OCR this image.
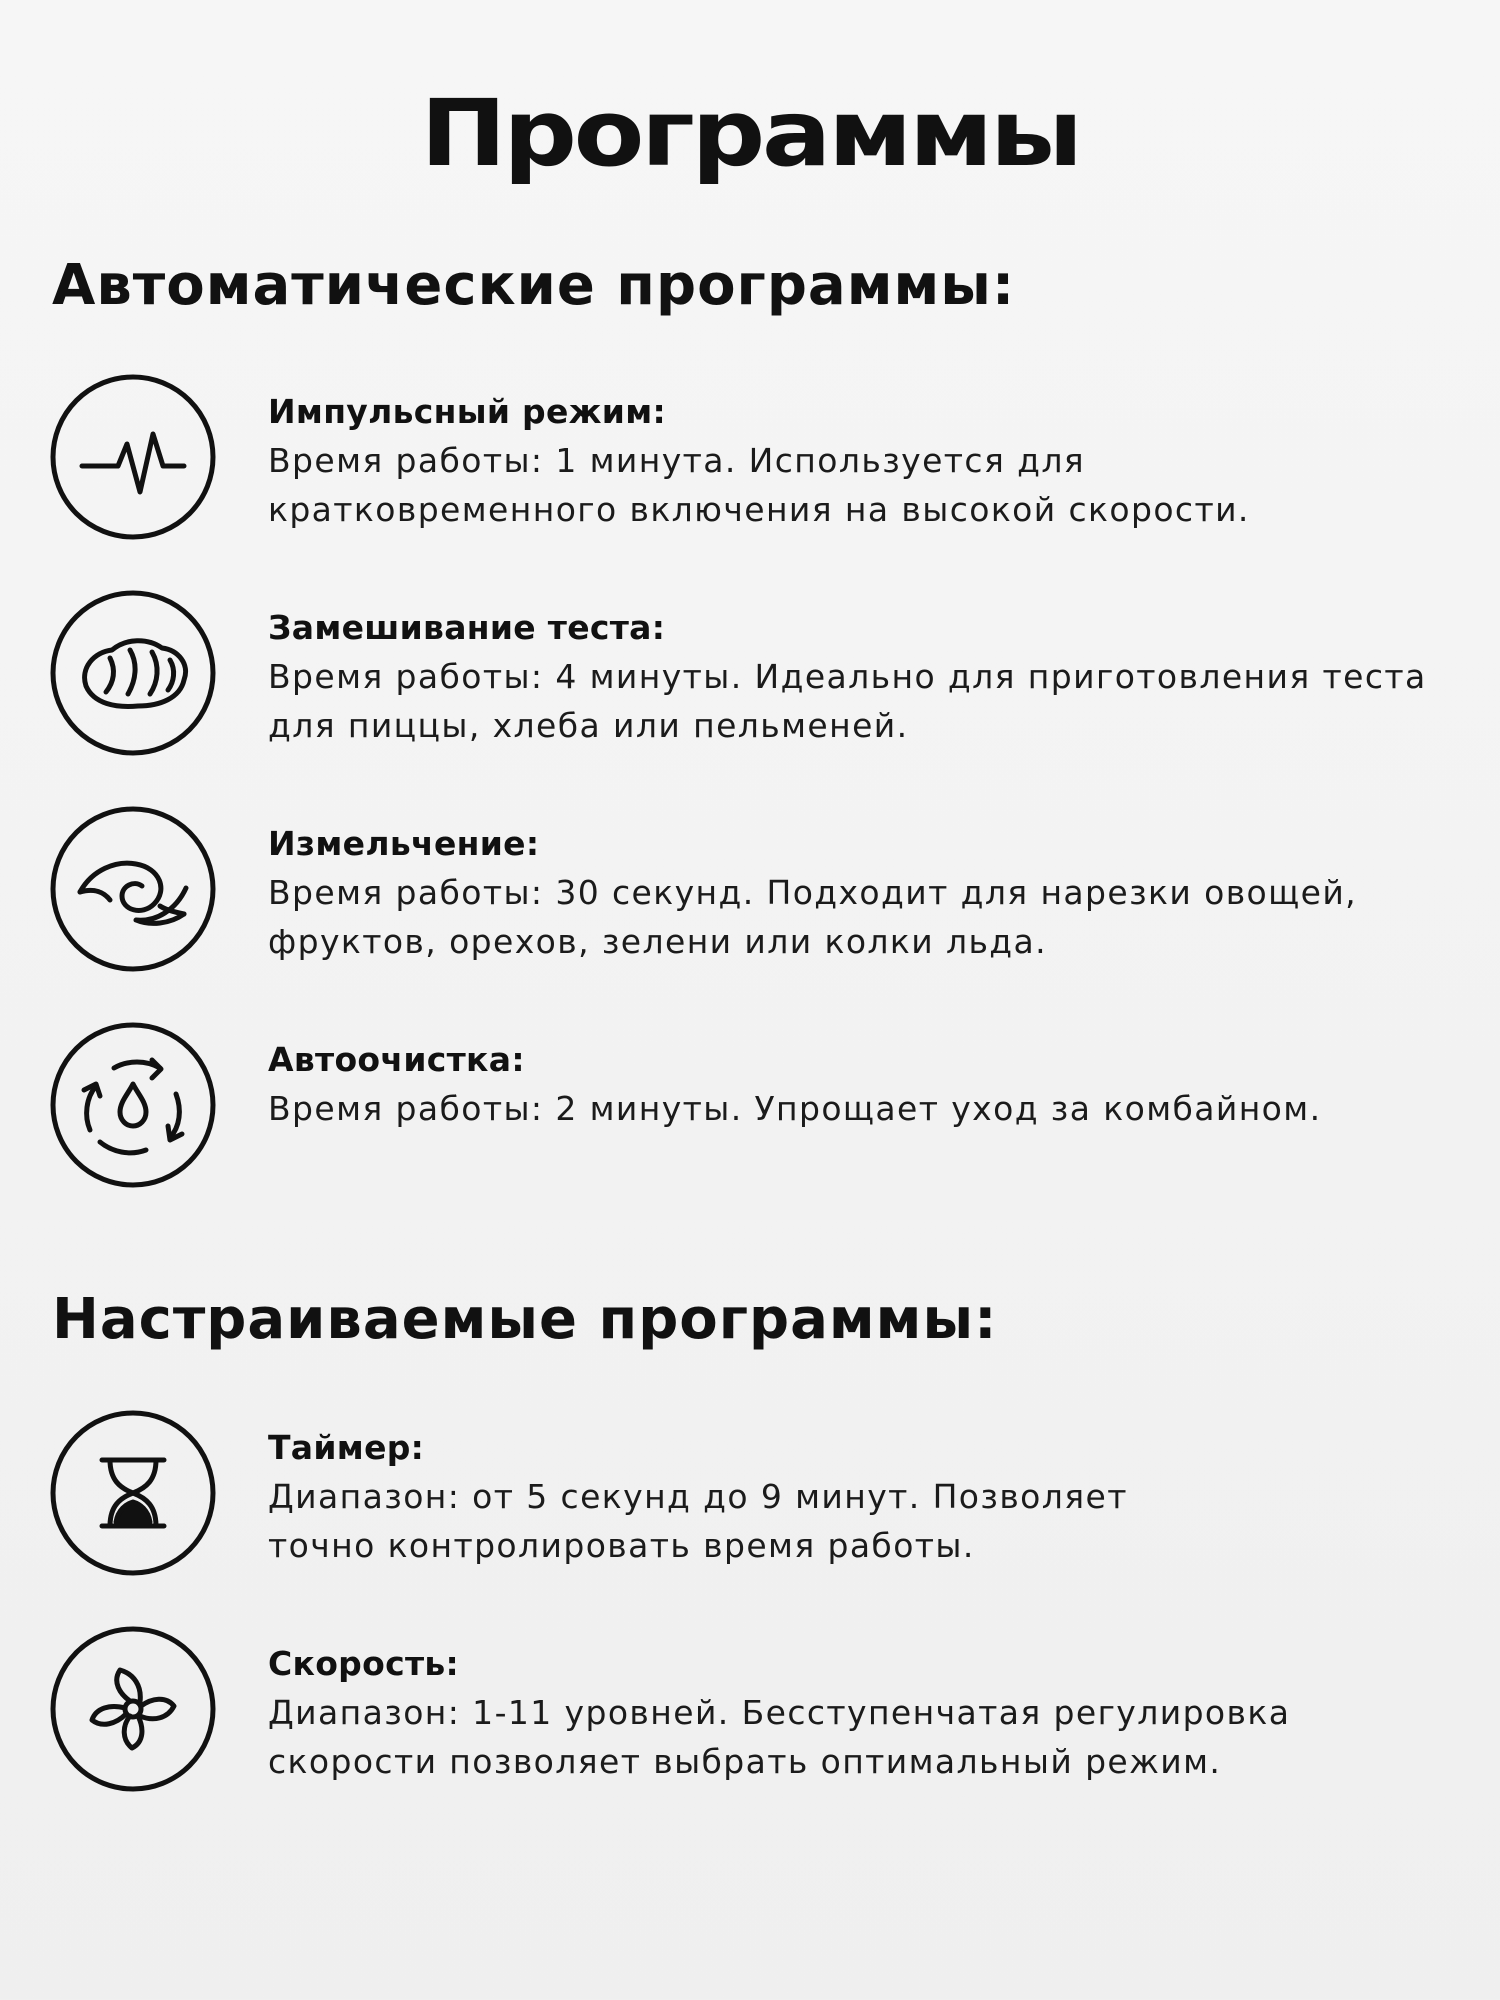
Программы
Автоматические программы:
Импульсный режим:
Время работы: 1 минута. Используется для
кратковременного включения на высокой скорости.
Замешивание теста:
Время работы: 4 минуты. Идеально для приготовления теста
для пиццы, хлеба или пельменей.
Измельчение:
Время работы: 30 секунд. Подходит для нарезки овощей,
фруктов, орехов, зелени или колки льда.
Автоочистка:
Время работы: 2 минуты. Упрощает уход за комбайном.
Настраиваемые программы:
Таймер:
Диапазон: от 5 секунд до 9 минут. Позволяет
точно контролировать время работы.
Скорость:
Диапазон: 1-11 уровней. Бесступенчатая регулировка
скорости позволяет выбрать оптимальный режим.
